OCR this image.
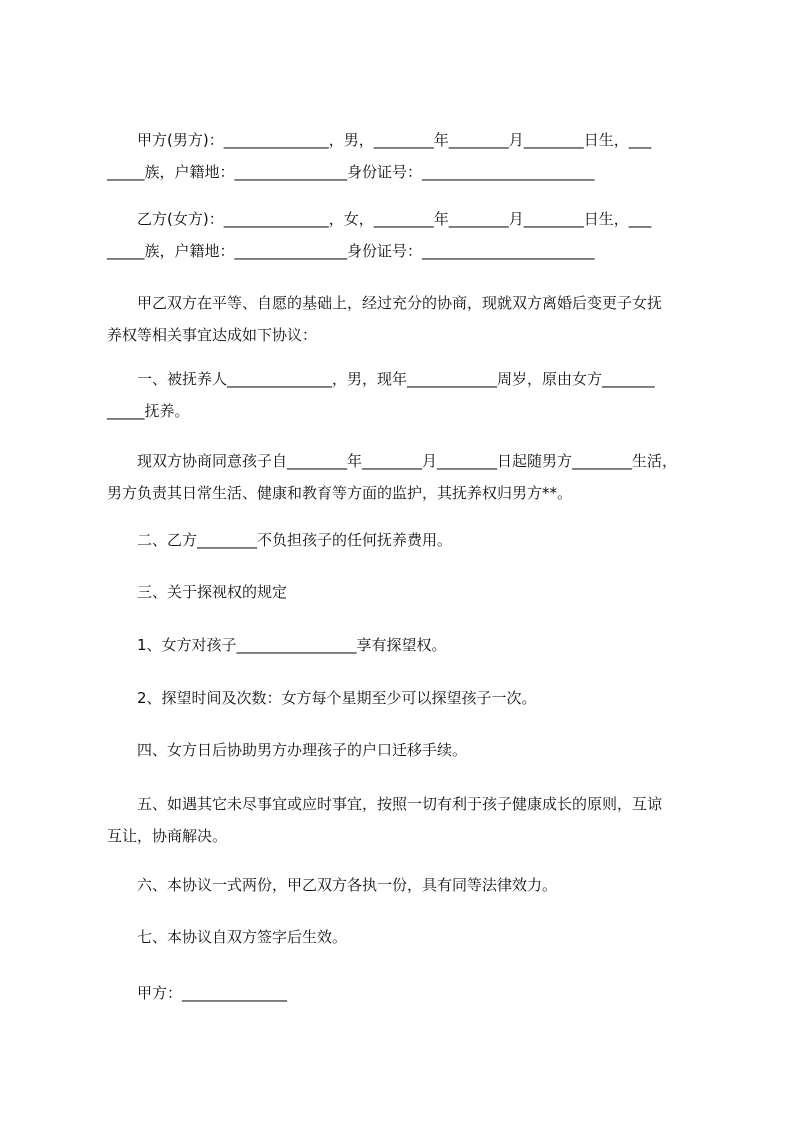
甲方(男方)：______________，男，________年________月________日生，___
_____族，户籍地：_______________身份证号：_______________________
乙方(女方)：______________，女，________年________月________日生，___
_____族，户籍地：_______________身份证号：_______________________
甲乙双方在平等、自愿的基础上，经过充分的协商，现就双方离婚后变更子女抚
养权等相关事宜达成如下协议：
一、被抚养人______________，男，现年____________周岁，原由女方_______
_____抚养。
现双方协商同意孩子自________年________月________日起随男方________生活，
男方负责其日常生活、健康和教育等方面的监护，其抚养权归男方**。
二、乙方________不负担孩子的任何抚养费用。
三、关于探视权的规定
1、女方对孩子________________享有探望权。
2、探望时间及次数：女方每个星期至少可以探望孩子一次。
四、女方日后协助男方办理孩子的户口迁移手续。
五、如遇其它未尽事宜或应时事宜，按照一切有利于孩子健康成长的原则，互谅
互让，协商解决。
六、本协议一式两份，甲乙双方各执一份，具有同等法律效力。
七、本协议自双方签字后生效。
甲方：______________
